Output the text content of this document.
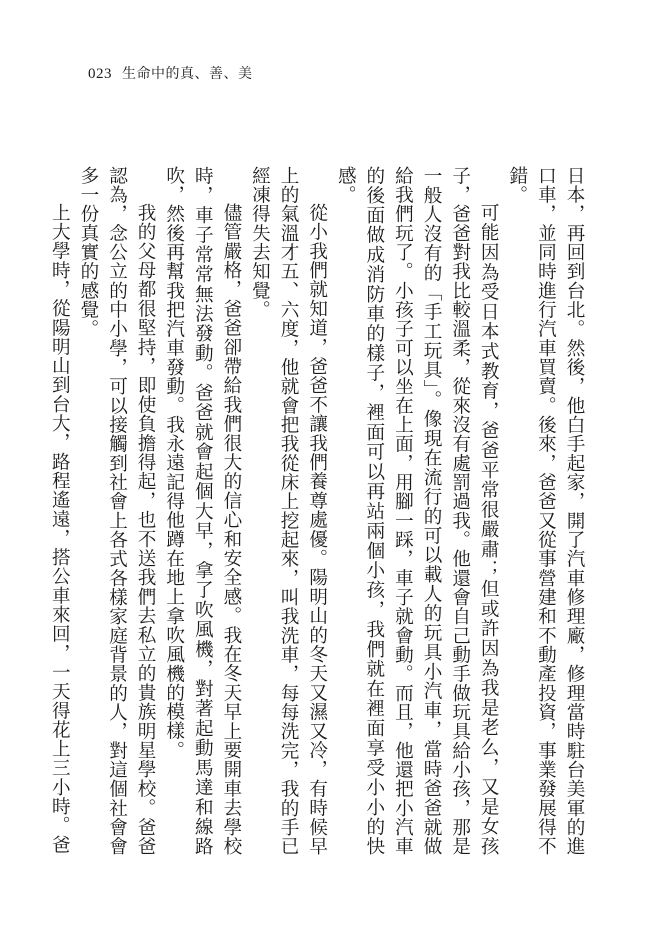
023 生命中的真、善、美

日本，再回到台北。然後，他白手起家，開了汽車修理廠，修理當時駐台美軍的進口車，並同時進行汽車買賣。後來，爸爸又從事營建和不動產投資，事業發展得不錯。

可能因為受日本式教育，爸爸平常很嚴肅；但或許因為我是老么，又是女孩子，爸爸對我比較溫柔，從來沒有處罰過我。他還會自己動手做玩具給小孩，那是一般人沒有的「手工玩具」。像現在流行的可以載人的玩具小汽車，當時爸爸就做給我們玩了。小孩子可以坐在上面，用腳一踩，車子就會動。而且，他還把小汽車的後面做成消防車的樣子，裡面可以再站兩個小孩，我們就在裡面享受小小的快感。

從小我們就知道，爸爸不讓我們養尊處優。陽明山的冬天又濕又冷，有時候早上的氣溫才五、六度，他就會把我從床上挖起來，叫我洗車，每每洗完，我的手已經凍得失去知覺。

儘管嚴格，爸爸卻帶給我們很大的信心和安全感。我在冬天早上要開車去學校時，車子常常無法發動。爸爸就會起個大早，拿了吹風機，對著起動馬達和線路吹，然後再幫我把汽車發動。我永遠記得他蹲在地上拿吹風機的模樣。

我的父母都很堅持，即使負擔得起，也不送我們去私立的貴族明星學校。爸爸認為，念公立的中小學，可以接觸到社會上各式各樣家庭背景的人，對這個社會會多一份真實的感覺。

上大學時，從陽明山到台大，路程遙遠，搭公車來回，一天得花上三小時。爸
